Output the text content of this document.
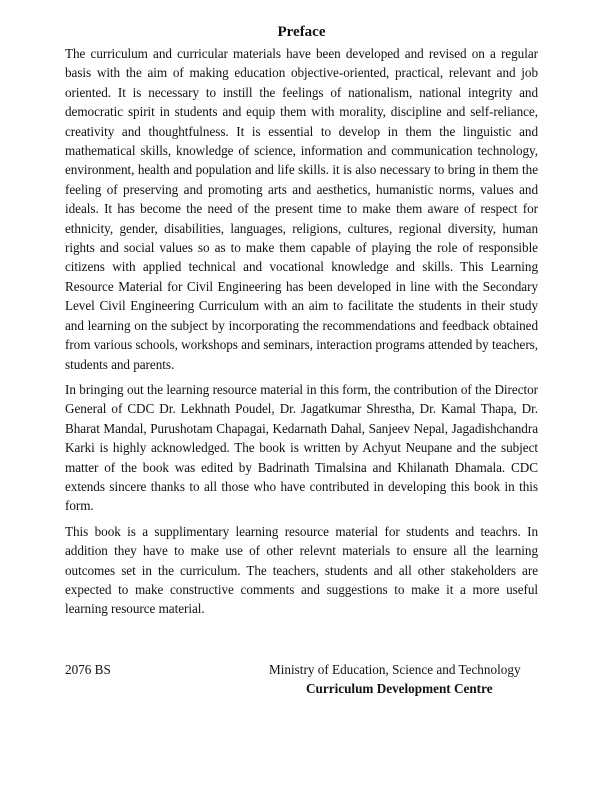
Preface

The curriculum and curricular materials have been developed and revised on a regular basis with the aim of making education objective-oriented, practical, relevant and job oriented. It is necessary to instill the feelings of nationalism, national integrity and democratic spirit in students and equip them with morality, discipline and self-reliance, creativity and thoughtfulness. It is essential to develop in them the linguistic and mathematical skills, knowledge of science, information and communication technology, environment, health and population and life skills. it is also necessary to bring in them the feeling of preserving and promoting arts and aesthetics, humanistic norms, values and ideals. It has become the need of the present time to make them aware of respect for ethnicity, gender, disabilities, languages, religions, cultures, regional diversity, human rights and social values so as to make them capable of playing the role of responsible citizens with applied technical and vocational knowledge and skills. This Learning Resource Material for Civil Engineering has been developed in line with the Secondary Level Civil Engineering Curriculum with an aim to facilitate the students in their study and learning on the subject by incorporating the recommendations and feedback obtained from various schools, workshops and seminars, interaction programs attended by teachers, students and parents.

In bringing out the learning resource material in this form, the contribution of the Director General of CDC Dr. Lekhnath Poudel, Dr. Jagatkumar Shrestha, Dr. Kamal Thapa, Dr. Bharat Mandal, Purushotam Chapagai, Kedarnath Dahal, Sanjeev Nepal, Jagadishchandra Karki is highly acknowledged. The book is written by Achyut Neupane and the subject matter of the book was edited by Badrinath Timalsina and Khilanath Dhamala. CDC extends sincere thanks to all those who have contributed in developing this book in this form.

This book is a supplimentary learning resource material for students and teachrs. In addition they have to make use of other relevnt materials to ensure all the learning outcomes set in the curriculum. The teachers, students and all other stakeholders are expected to make constructive comments and suggestions to make it a more useful learning resource material.

2076 BS	Ministry of Education, Science and Technology
Curriculum Development Centre
